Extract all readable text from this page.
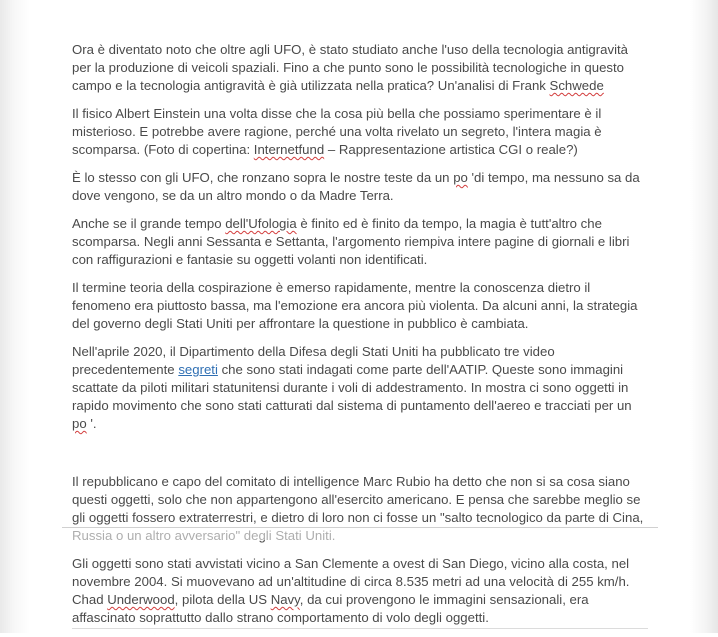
Ora è diventato noto che oltre agli UFO, è stato studiato anche l'uso della tecnologia antigravità per la produzione di veicoli spaziali. Fino a che punto sono le possibilità tecnologiche in questo campo e la tecnologia antigravità è già utilizzata nella pratica? Un'analisi di Frank Schwede

Il fisico Albert Einstein una volta disse che la cosa più bella che possiamo sperimentare è il misterioso. E potrebbe avere ragione, perché una volta rivelato un segreto, l'intera magia è scomparsa. (Foto di copertina: Internetfund – Rappresentazione artistica CGI o reale?)

È lo stesso con gli UFO, che ronzano sopra le nostre teste da un po 'di tempo, ma nessuno sa da dove vengono, se da un altro mondo o da Madre Terra.

Anche se il grande tempo dell'Ufologia è finito ed è finito da tempo, la magia è tutt'altro che scomparsa. Negli anni Sessanta e Settanta, l'argomento riempiva intere pagine di giornali e libri con raffigurazioni e fantasie su oggetti volanti non identificati.

Il termine teoria della cospirazione è emerso rapidamente, mentre la conoscenza dietro il fenomeno era piuttosto bassa, ma l'emozione era ancora più violenta. Da alcuni anni, la strategia del governo degli Stati Uniti per affrontare la questione in pubblico è cambiata.

Nell'aprile 2020, il Dipartimento della Difesa degli Stati Uniti ha pubblicato tre video precedentemente segreti che sono stati indagati come parte dell'AATIP. Queste sono immagini scattate da piloti militari statunitensi durante i voli di addestramento. In mostra ci sono oggetti in rapido movimento che sono stati catturati dal sistema di puntamento dell'aereo e tracciati per un po '.

Il repubblicano e capo del comitato di intelligence Marc Rubio ha detto che non si sa cosa siano questi oggetti, solo che non appartengono all'esercito americano. E pensa che sarebbe meglio se gli oggetti fossero extraterrestri, e dietro di loro non ci fosse un "salto tecnologico da parte di Cina,

Gli oggetti sono stati avvistati vicino a San Clemente a ovest di San Diego, vicino alla costa, nel novembre 2004. Si muovevano ad un'altitudine di circa 8.535 metri ad una velocità di 255 km/h. Chad Underwood, pilota della US Navy, da cui provengono le immagini sensazionali, era affascinato soprattutto dallo strano comportamento di volo degli oggetti.
